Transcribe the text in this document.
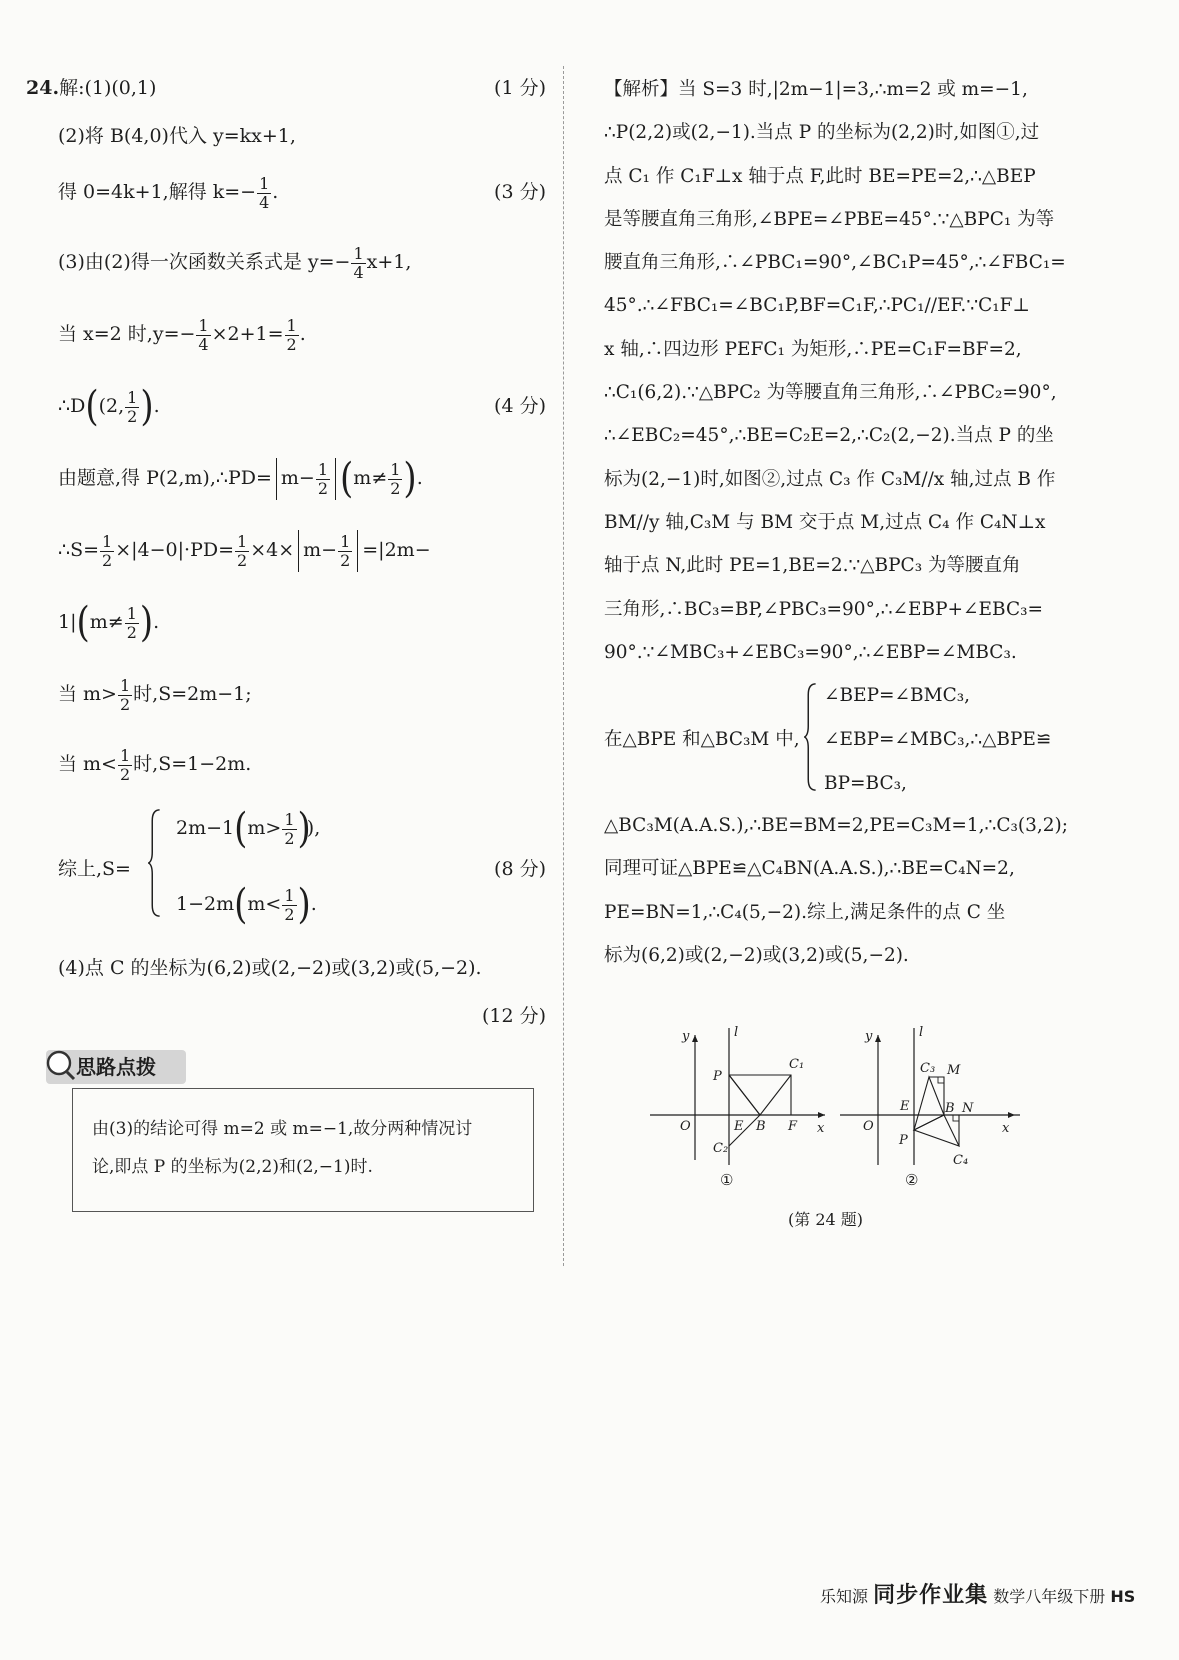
24.解:(1)(0,1)	(1 分)
(2)将 B(4,0)代入 y=kx+1,
得 0=4k+1,解得 $k=- \frac{1}{4}$ .	(3 分)
(3)由(2)得一次函数关系式是 $y=- \frac{1}{4} x+1$,
当 x=2 时$,y=- \frac{1}{4} \times 2+1= \frac{1}{2}$ .
∴D((2, $\frac{1}{2}$ ).	(4 分)
由题意,得 P(2,m),∴PD= $m- \frac{1}{2} (m\ne \frac{1}{2}$ ).
∴S= $\frac{1}{2} \times|4-0|\cdot PD= \frac{1}{2} \times 4\times m- \frac{1}{2} =|2m-$
$1|(m\ne \frac{1}{2}$ ).
当 $m> \frac{1}{2}$ 时,S=2m−1;
当 $m< \frac{1}{2}$ 时,S=1−2m.
综上,S=
$2m-1(m> \frac{1}{2}$ )),
$1-2m(m< \frac{1}{2}$ ).
(8 分)
(4)点 C 的坐标为(6,2)或(2,−2)或(3,2)或(5,−2).
(12 分)
思路点拨
由(3)的结论可得 m=2 或 m=−1,故分两种情况讨
论,即点 P 的坐标为(2,2)和(2,−1)时.
【解析】当 S=3 时,|2m−1|=3,∴m=2 或 m=−1,
∴P(2,2)或(2,−1).当点 P 的坐标为(2,2)时,如图①,过
点 C₁ 作 C₁F⊥x 轴于点 F,此时 BE=PE=2,∴△BEP
是等腰直角三角形,∠BPE=∠PBE=45°.∵△BPC₁ 为等
腰直角三角形,∴∠PBC₁=90°,∠BC₁P=45°,∴∠FBC₁=
45°.∴∠FBC₁=∠BC₁P,BF=C₁F,∴PC₁//EF.∵C₁F⊥
x 轴,∴四边形 PEFC₁ 为矩形,∴PE=C₁F=BF=2,
∴C₁(6,2).∵△BPC₂ 为等腰直角三角形,∴∠PBC₂=90°,
∴∠EBC₂=45°,∴BE=C₂E=2,∴C₂(2,−2).当点 P 的坐
标为(2,−1)时,如图②,过点 C₃ 作 C₃M//x 轴,过点 B 作
BM//y 轴,C₃M 与 BM 交于点 M,过点 C₄ 作 C₄N⊥x
轴于点 N,此时 PE=1,BE=2.∵△BPC₃ 为等腰直角
三角形,∴BC₃=BP,∠PBC₃=90°,∴∠EBP+∠EBC₃=
90°.∵∠MBC₃+∠EBC₃=90°,∴∠EBP=∠MBC₃.
在△BPE 和△BC₃M 中,
∠BEP=∠BMC₃,
∠EBP=∠MBC₃,∴△BPE≌
BP=BC₃,
△BC₃M(A.A.S.),∴BE=BM=2,PE=C₃M=1,∴C₃(3,2);
同理可证△BPE≌△C₄BN(A.A.S.),∴BE=C₄N=2,
PE=BN=1,∴C₄(5,−2).综上,满足条件的点 C 坐
标为(6,2)或(2,−2)或(3,2)或(5,−2).
y	l
x
O
P
E B F
C₁
C₂
①
y	l
x
O
P
E	B N
M
C₃
C₄
②
(第 24 题)
乐知源 同步作业集 数学八年级下册 HS
